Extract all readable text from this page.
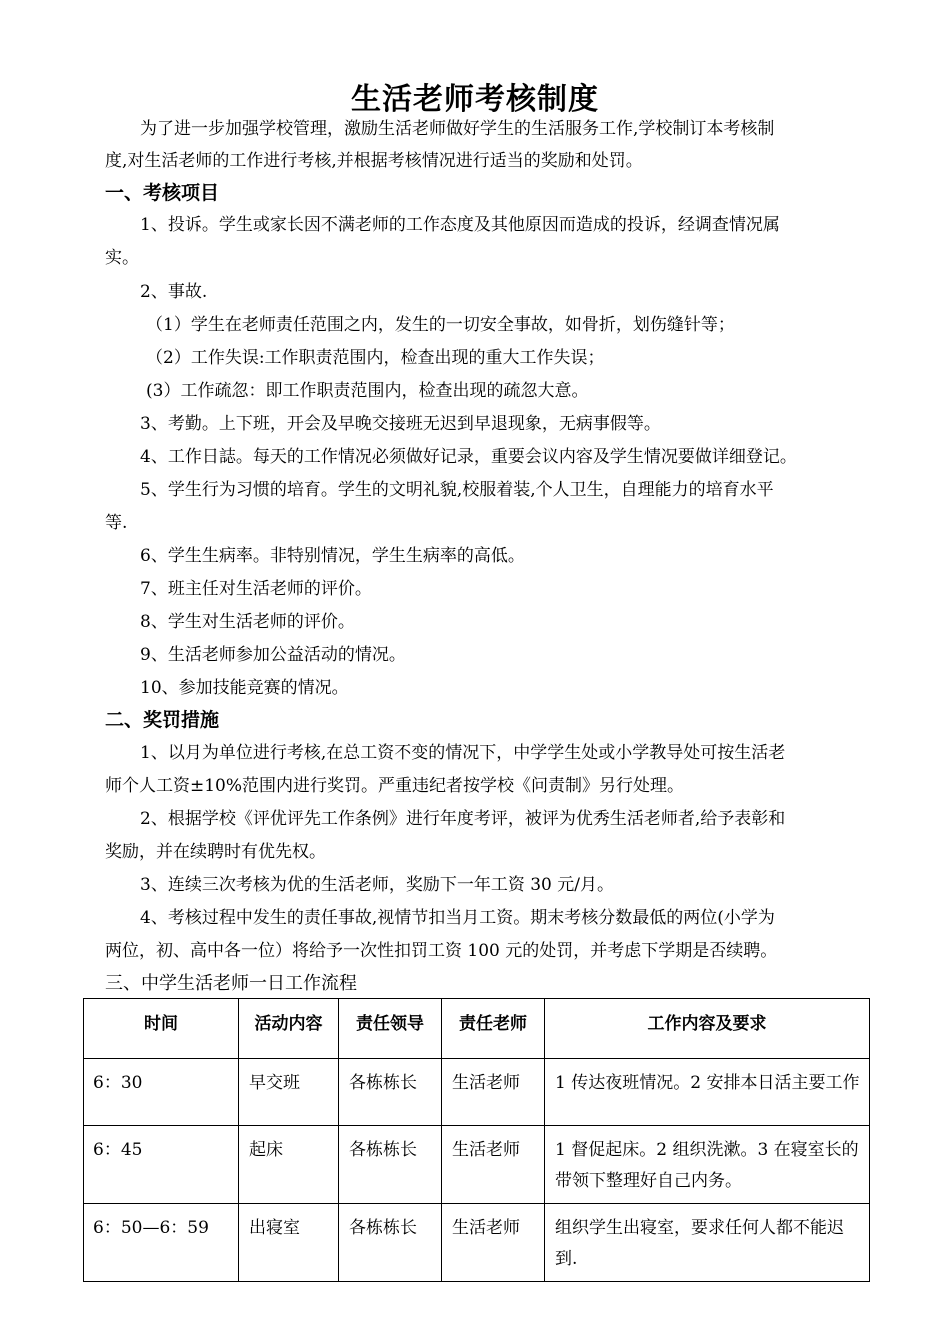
生活老师考核制度
为了进一步加强学校管理，激励生活老师做好学生的生活服务工作,学校制订本考核制
度,对生活老师的工作进行考核,并根据考核情况进行适当的奖励和处罚。
一、考核项目
1、投诉。学生或家长因不满老师的工作态度及其他原因而造成的投诉，经调查情况属
实。
2、事故.
（1）学生在老师责任范围之内，发生的一切安全事故，如骨折，划伤缝针等；
（2）工作失误:工作职责范围内，检查出现的重大工作失误；
(3）工作疏忽：即工作职责范围内，检查出现的疏忽大意。
3、考勤。上下班，开会及早晚交接班无迟到早退现象，无病事假等。
4、工作日誌。每天的工作情况必须做好记录，重要会议内容及学生情况要做详细登记。
5、学生行为习惯的培育。学生的文明礼貌,校服着装,个人卫生，自理能力的培育水平
等.
6、学生生病率。非特别情况，学生生病率的高低。
7、班主任对生活老师的评价。
8、学生对生活老师的评价。
9、生活老师参加公益活动的情况。
10、参加技能竞赛的情况。
二、奖罚措施
1、以月为单位进行考核,在总工资不变的情况下，中学学生处或小学教导处可按生活老
师个人工资±10%范围内进行奖罚。严重违纪者按学校《问责制》另行处理。
2、根据学校《评优评先工作条例》进行年度考评，被评为优秀生活老师者,给予表彰和
奖励，并在续聘时有优先权。
3、连续三次考核为优的生活老师，奖励下一年工资 30 元/月。
4、考核过程中发生的责任事故,视情节扣当月工资。期末考核分数最低的两位(小学为
两位，初、高中各一位）将给予一次性扣罚工资 100 元的处罚，并考虑下学期是否续聘。
三、中学生活老师一日工作流程
时间	活动内容	责任领导	责任老师	工作内容及要求
6：30	早交班	各栋栋长	生活老师	1 传达夜班情况。2 安排本日活主要工作
6：45	起床	各栋栋长	生活老师	1 督促起床。2 组织洗漱。3 在寝室长的带领下整理好自己内务。
6：50—6：59	出寝室	各栋栋长	生活老师	组织学生出寝室，要求任何人都不能迟到.
